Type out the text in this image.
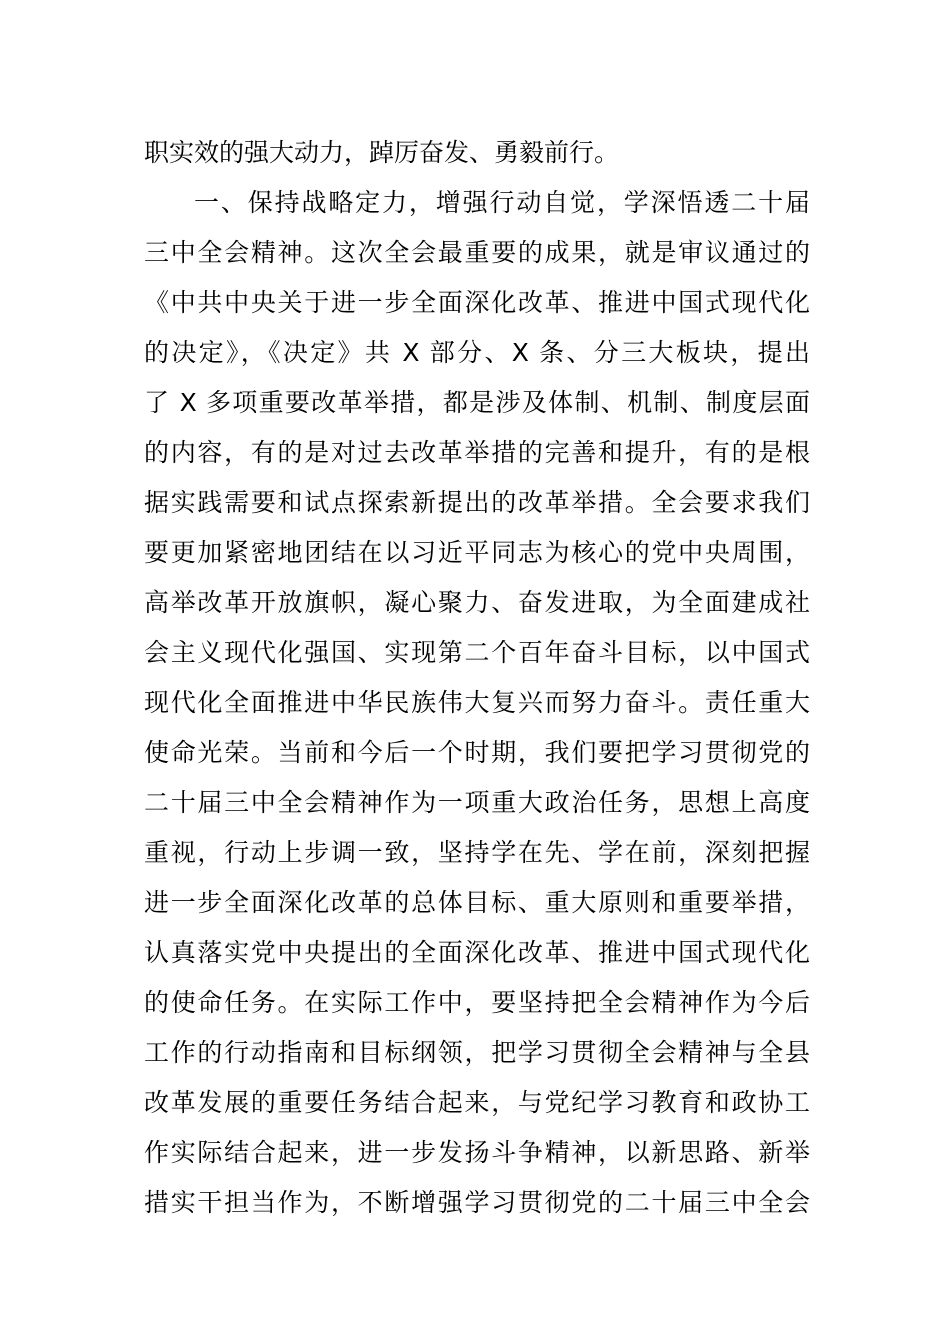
职实效的强大动力，踔厉奋发、勇毅前行。
一、保持战略定力，增强行动自觉，学深悟透二十届
三中全会精神。这次全会最重要的成果，就是审议通过的
《中共中央关于进一步全面深化改革、推进中国式现代化
的决定》，《决定》共 X 部分、X 条、分三大板块，提出
了 X 多项重要改革举措，都是涉及体制、机制、制度层面
的内容，有的是对过去改革举措的完善和提升，有的是根
据实践需要和试点探索新提出的改革举措。全会要求我们
要更加紧密地团结在以习近平同志为核心的党中央周围，
高举改革开放旗帜，凝心聚力、奋发进取，为全面建成社
会主义现代化强国、实现第二个百年奋斗目标，以中国式
现代化全面推进中华民族伟大复兴而努力奋斗。责任重大
使命光荣。当前和今后一个时期，我们要把学习贯彻党的
二十届三中全会精神作为一项重大政治任务，思想上高度
重视，行动上步调一致，坚持学在先、学在前，深刻把握
进一步全面深化改革的总体目标、重大原则和重要举措，
认真落实党中央提出的全面深化改革、推进中国式现代化
的使命任务。在实际工作中，要坚持把全会精神作为今后
工作的行动指南和目标纲领，把学习贯彻全会精神与全县
改革发展的重要任务结合起来，与党纪学习教育和政协工
作实际结合起来，进一步发扬斗争精神，以新思路、新举
措实干担当作为，不断增强学习贯彻党的二十届三中全会
